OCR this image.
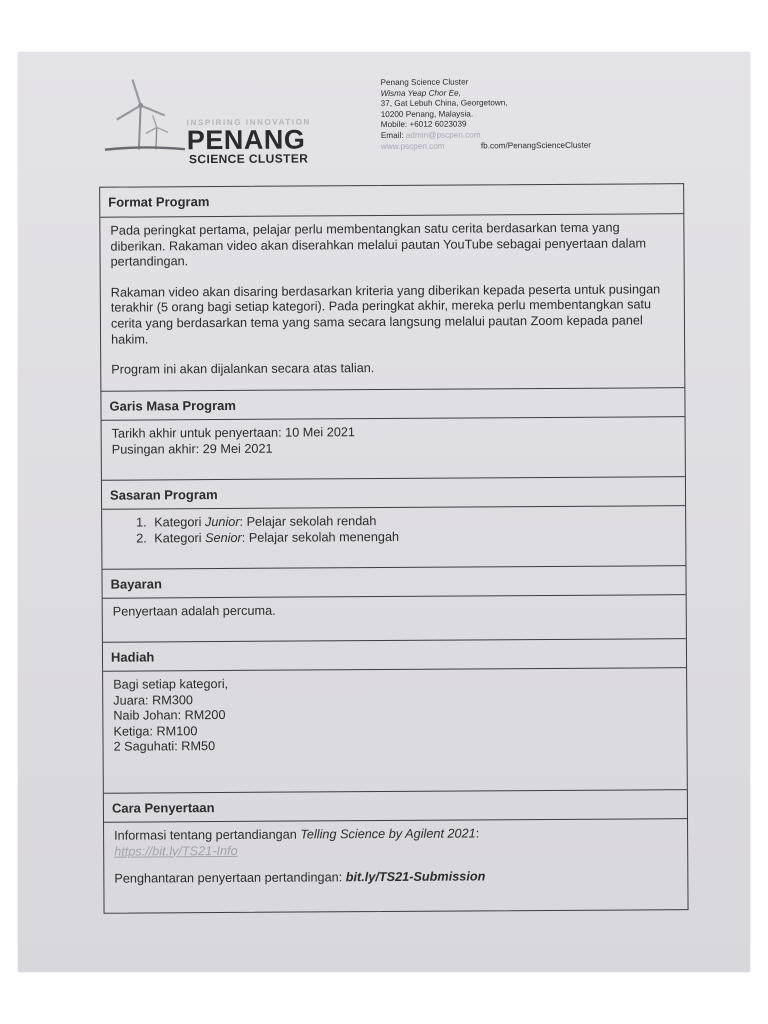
INSPIRING INNOVATION
PENANG
SCIENCE CLUSTER
Penang Science Cluster
Wisma Yeap Chor Ee,
37, Gat Lebuh China, Georgetown,
10200 Penang, Malaysia.
Mobile: +6012 6023039
Email: admin@pscpen.com
www.pscpen.com	fb.com/PenangScienceCluster
Format Program

Pada peringkat pertama, pelajar perlu membentangkan satu cerita berdasarkan tema yang diberikan. Rakaman video akan diserahkan melalui pautan YouTube sebagai penyertaan dalam pertandingan.

Rakaman video akan disaring berdasarkan kriteria yang diberikan kepada peserta untuk pusingan terakhir (5 orang bagi setiap kategori). Pada peringkat akhir, mereka perlu membentangkan satu cerita yang berdasarkan tema yang sama secara langsung melalui pautan Zoom kepada panel hakim.

Program ini akan dijalankan secara atas talian.

Garis Masa Program

Tarikh akhir untuk penyertaan: 10 Mei 2021

Pusingan akhir: 29 Mei 2021

Sasaran Program
1. Kategori Junior: Pelajar sekolah rendah
2. Kategori Senior: Pelajar sekolah menengah
Bayaran

Penyertaan adalah percuma.

Hadiah

Bagi setiap kategori,

Juara: RM300

Naib Johan: RM200

Ketiga: RM100

2 Saguhati: RM50

Cara Penyertaan

Informasi tentang pertandiangan Telling Science by Agilent 2021:

https://bit.ly/TS21-Info

Penghantaran penyertaan pertandingan: bit.ly/TS21-Submission
